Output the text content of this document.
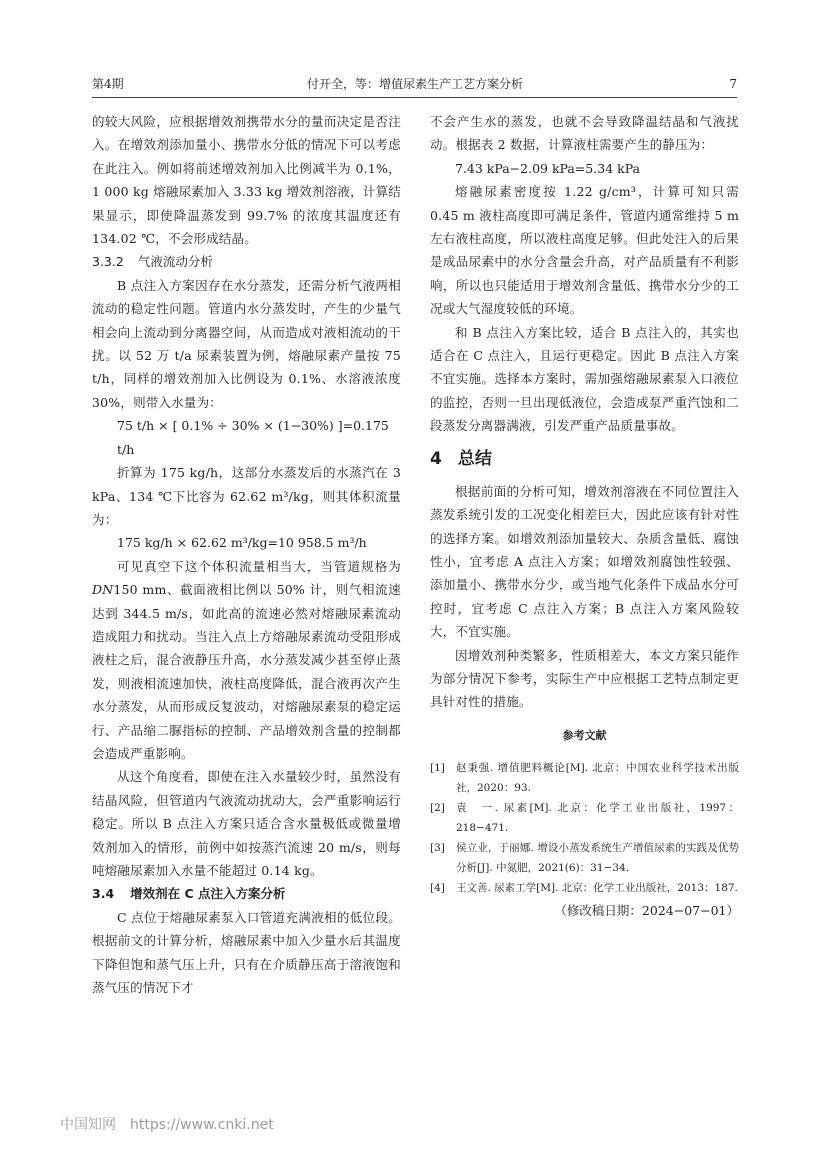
第4期	付开全，等：增值尿素生产工艺方案分析	7

的较大风险，应根据增效剂携带水分的量而决定是否注入。在增效剂添加量小、携带水分低的情况下可以考虑在此注入。例如将前述增效剂加入比例减半为 0.1%，1 000 kg 熔融尿素加入 3.33 kg 增效剂溶液，计算结果显示，即使降温蒸发到 99.7% 的浓度其温度还有 134.02 ℃，不会形成结晶。

3.3.2 气液流动分析

B 点注入方案因存在水分蒸发，还需分析气液两相流动的稳定性问题。管道内水分蒸发时，产生的少量气相会向上流动到分离器空间，从而造成对液相流动的干扰。以 52 万 t/a 尿素装置为例，熔融尿素产量按 75 t/h，同样的增效剂加入比例设为 0.1%、水溶液浓度 30%，则带入水量为：

75 t/h × [ 0.1% ÷ 30% × (1−30%) ]=0.175 t/h

折算为 175 kg/h，这部分水蒸发后的水蒸汽在 3 kPa、134 ℃下比容为 62.62 m³/kg，则其体积流量为：

175 kg/h × 62.62 m³/kg=10 958.5 m³/h

可见真空下这个体积流量相当大，当管道规格为 DN150 mm、截面液相比例以 50% 计，则气相流速达到 344.5 m/s，如此高的流速必然对熔融尿素流动造成阻力和扰动。当注入点上方熔融尿素流动受阻形成液柱之后，混合液静压升高，水分蒸发减少甚至停止蒸发，则液相流速加快，液柱高度降低，混合液再次产生水分蒸发，从而形成反复波动，对熔融尿素泵的稳定运行、产品缩二脲指标的控制、产品增效剂含量的控制都会造成严重影响。

从这个角度看，即使在注入水量较少时，虽然没有结晶风险，但管道内气液流动扰动大，会严重影响运行稳定。所以 B 点注入方案只适合含水量极低或微量增效剂加入的情形，前例中如按蒸汽流速 20 m/s，则每吨熔融尿素加入水量不能超过 0.14 kg。

3.4 增效剂在 C 点注入方案分析

C 点位于熔融尿素泵入口管道充满液相的低位段。根据前文的计算分析，熔融尿素中加入少量水后其温度下降但饱和蒸气压上升，只有在介质静压高于溶液饱和蒸气压的情况下才

不会产生水的蒸发，也就不会导致降温结晶和气液扰动。根据表 2 数据，计算液柱需要产生的静压为：

7.43 kPa−2.09 kPa=5.34 kPa

熔融尿素密度按 1.22 g/cm³，计算可知只需 0.45 m 液柱高度即可满足条件，管道内通常维持 5 m 左右液柱高度，所以液柱高度足够。但此处注入的后果是成品尿素中的水分含量会升高，对产品质量有不利影响，所以也只能适用于增效剂含量低、携带水分少的工况或大气湿度较低的环境。

和 B 点注入方案比较，适合 B 点注入的，其实也适合在 C 点注入，且运行更稳定。因此 B 点注入方案不宜实施。选择本方案时，需加强熔融尿素泵入口液位的监控，否则一旦出现低液位，会造成泵严重汽蚀和二段蒸发分离器满液，引发严重产品质量事故。

4 总结

根据前面的分析可知，增效剂溶液在不同位置注入蒸发系统引发的工况变化相差巨大，因此应该有针对性的选择方案。如增效剂添加量较大、杂质含量低、腐蚀性小，宜考虑 A 点注入方案；如增效剂腐蚀性较强、添加量小、携带水分少，或当地气化条件下成品水分可控时，宜考虑 C 点注入方案；B 点注入方案风险较大，不宜实施。

因增效剂种类繁多，性质相差大，本文方案只能作为部分情况下参考，实际生产中应根据工艺特点制定更具针对性的措施。

参考文献
[1]	赵秉强. 增值肥料概论[M]. 北京：中国农业科学技术出版社，2020：93.
[2]	袁　一. 尿素[M]. 北京：化学工业出版社，1997：218−471.
[3]	侯立业，于丽娜. 增设小蒸发系统生产增值尿素的实践及优势分析[J]. 中氮肥，2021(6)：31−34.
[4]	王文善. 尿素工学[M]. 北京：化学工业出版社，2013：187.

（修改稿日期：2024−07−01）

中国知网 https://www.cnki.net
